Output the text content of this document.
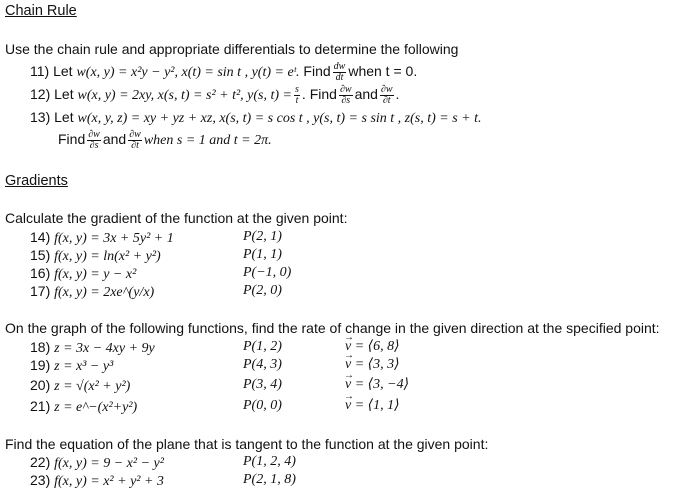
Chain Rule
Use the chain rule and appropriate differentials to determine the following
11) Let w(x, y) = x²y − y², x(t) = sin t , y(t) = eᵗ. Find $\frac{dw}{dt}$ when t = 0.
12) Let w(x, y) = 2xy, x(s, t) = s² + t², y(s, $t) = \frac{s}{t}$ . Find $\frac{\partial w}{\partial s}$ and $\frac{\partial w}{\partial t}$ .
13) Let w(x, y, z) = xy + yz + xz, x(s, t) = s cos t , y(s, t) = s sin t , z(s, t) = s + t.
Find $\frac{\partial w}{\partial s}$ and $\frac{\partial w}{\partial t}$ when s = 1 and t = 2π.
Gradients
Calculate the gradient of the function at the given point:
14) f(x, y) = 3x + 5y² + 1	P(2, 1)
15) f(x, y) = ln(x² + y²)	P(1, 1)
16) f(x, y) = y − x²	P(−1, 0)
17) f(x, y) = 2xe^(y/x)	P(2, 0)
On the graph of the following functions, find the rate of change in the given direction at the specified point:
18) z = 3x − 4xy + 9y	P(1, 2)	→ v = ⟨6, 8⟩
19) z = x³ − y³	P(4, 3)	→ v = ⟨3, 3⟩
20) z = √(x² + y²)	P(3, 4)	→ v = ⟨3, −4⟩
21) z = e^−(x²+y²)	P(0, 0)	→ v = ⟨1, 1⟩
Find the equation of the plane that is tangent to the function at the given point:
22) f(x, y) = 9 − x² − y²	P(1, 2, 4)
23) f(x, y) = x² + y² + 3	P(2, 1, 8)
